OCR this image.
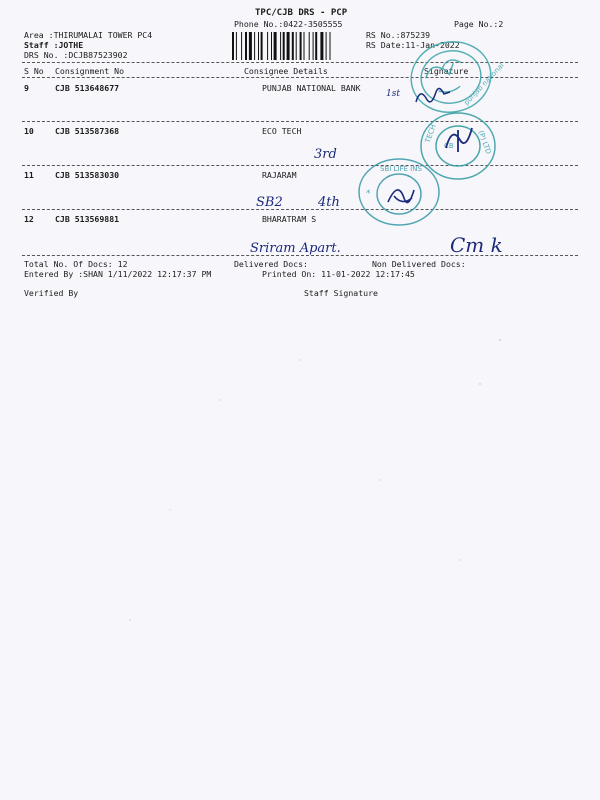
TPC/CJB DRS - PCP
Phone No.:0422-3505555	Page No.:2
Area :THIRUMALAI TOWER PC4
Staff :JOTHE
DRS No. :DCJB87523902
RS No.:875239
RS Date:11-Jan-2022
S No Consignment No	Consignee Details	Signature
9	CJB 513648677	PUNJAB NATIONAL BANK
10	CJB 513587368	ECO TECH
11	CJB 513583030	RAJARAM
12	CJB 513569881	BHARATRAM S
Total No. Of Docs: 12	Delivered Docs:	Non Delivered Docs:
Entered By :SHAN 1/11/2022 12:17:37 PM	Printed On: 11-01-2022 12:17:45
Verified By	Staff Signature
punjab national
TECH	(P) LTD
CB
SBI LIFE INS
*
1st
3rd
SB2	4th
Sriram Apart.	Cm k
